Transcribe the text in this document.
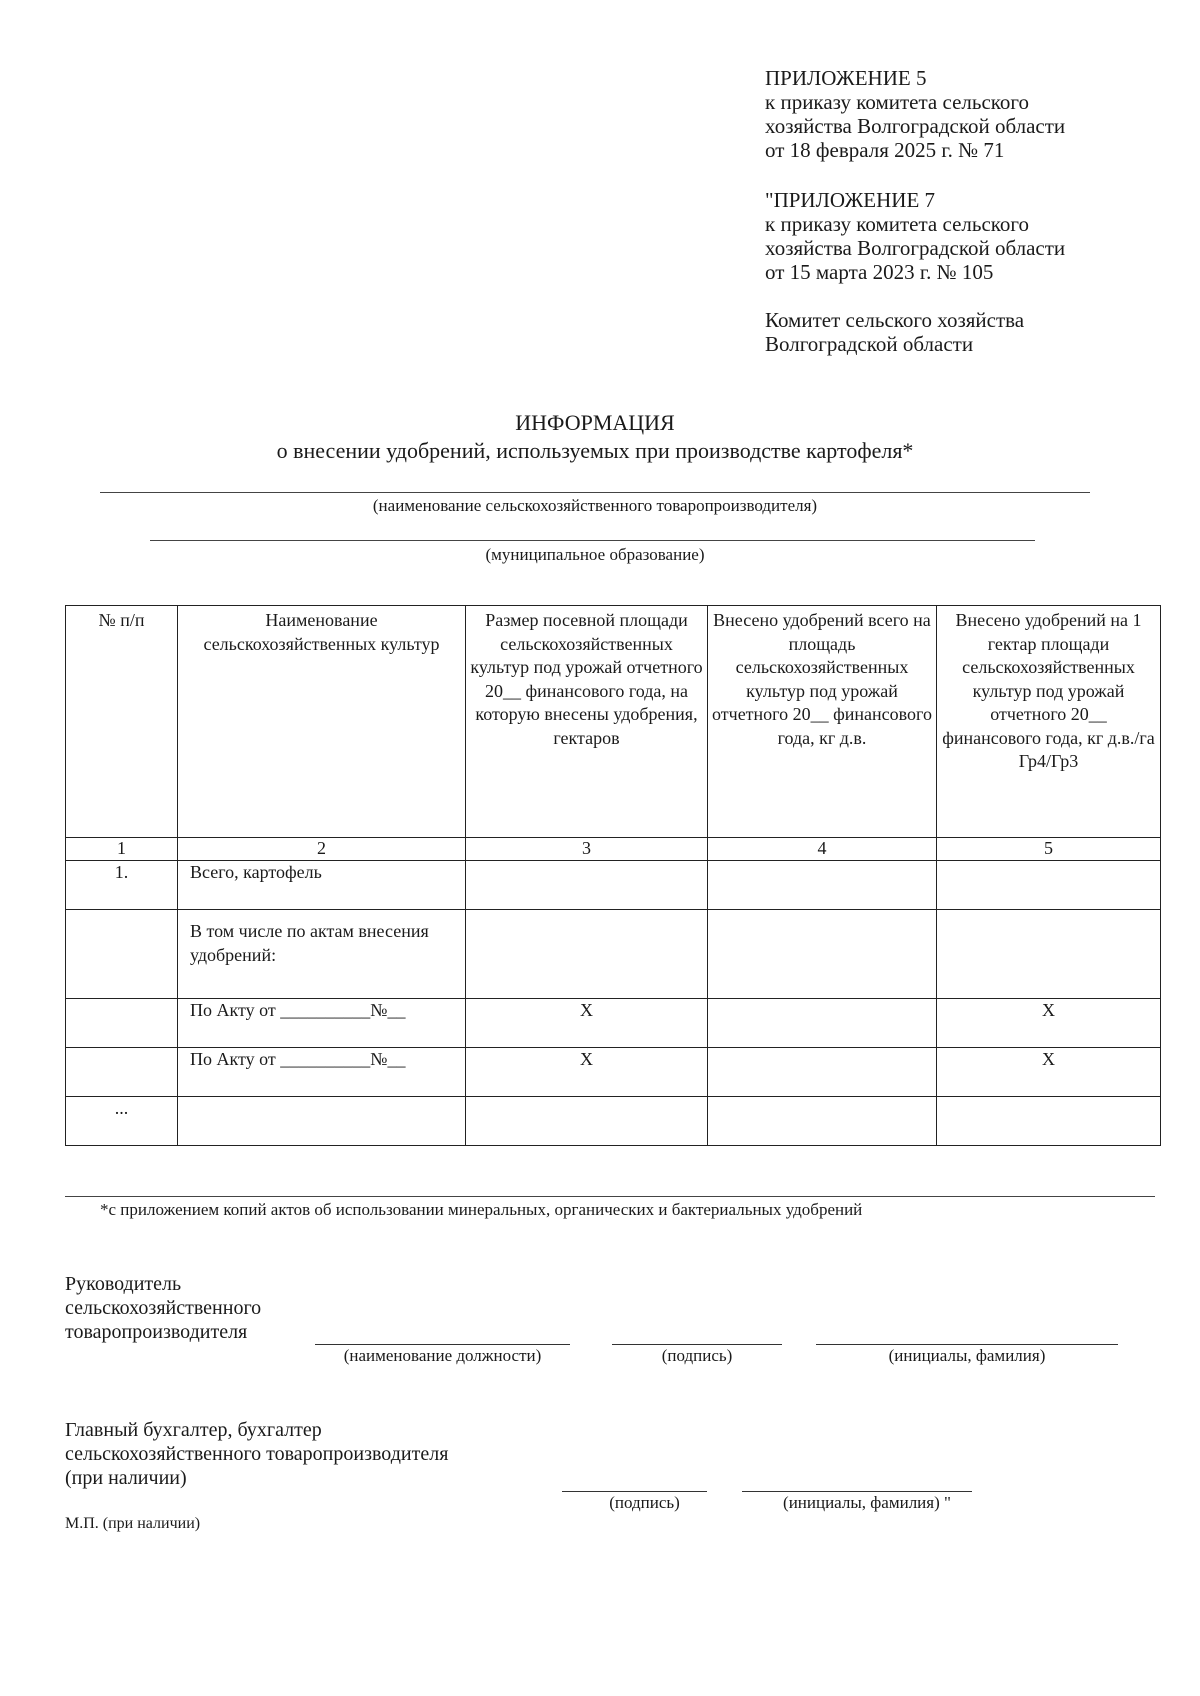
ПРИЛОЖЕНИЕ 5
к приказу комитета сельского
хозяйства Волгоградской области
от 18 февраля 2025 г. № 71
"ПРИЛОЖЕНИЕ 7
к приказу комитета сельского
хозяйства Волгоградской области
от 15 марта 2023 г. № 105
Комитет сельского хозяйства
Волгоградской области
ИНФОРМАЦИЯ
о внесении удобрений, используемых при производстве картофеля*
(наименование сельскохозяйственного товаропроизводителя)
(муниципальное образование)
№ п/п	Наименование сельскохозяйственных культур	Размер посевной площади сельскохозяйственных культур под урожай отчетного 20__ финансового года, на которую внесены удобрения, гектаров	Внесено удобрений всего на площадь сельскохозяйственных культур под урожай отчетного 20__ финансового года, кг д.в.	Внесено удобрений на 1 гектар площади сельскохозяйственных культур под урожай отчетного 20__ финансового года, кг д.в./га Гр4/Гр3
1	2	3	4	5
1.	Всего, картофель			
	В том числе по актам внесения удобрений:			
	По Акту от __________№__	X		X
	По Акту от __________№__	X		X
...				
*с приложением копий актов об использовании минеральных, органических и бактериальных удобрений
Руководитель
сельскохозяйственного
товаропроизводителя
(наименование должности)	(подпись)	(инициалы, фамилия)
Главный бухгалтер, бухгалтер
сельскохозяйственного товаропроизводителя
(при наличии)
(подпись)	(инициалы, фамилия) "
М.П. (при наличии)
